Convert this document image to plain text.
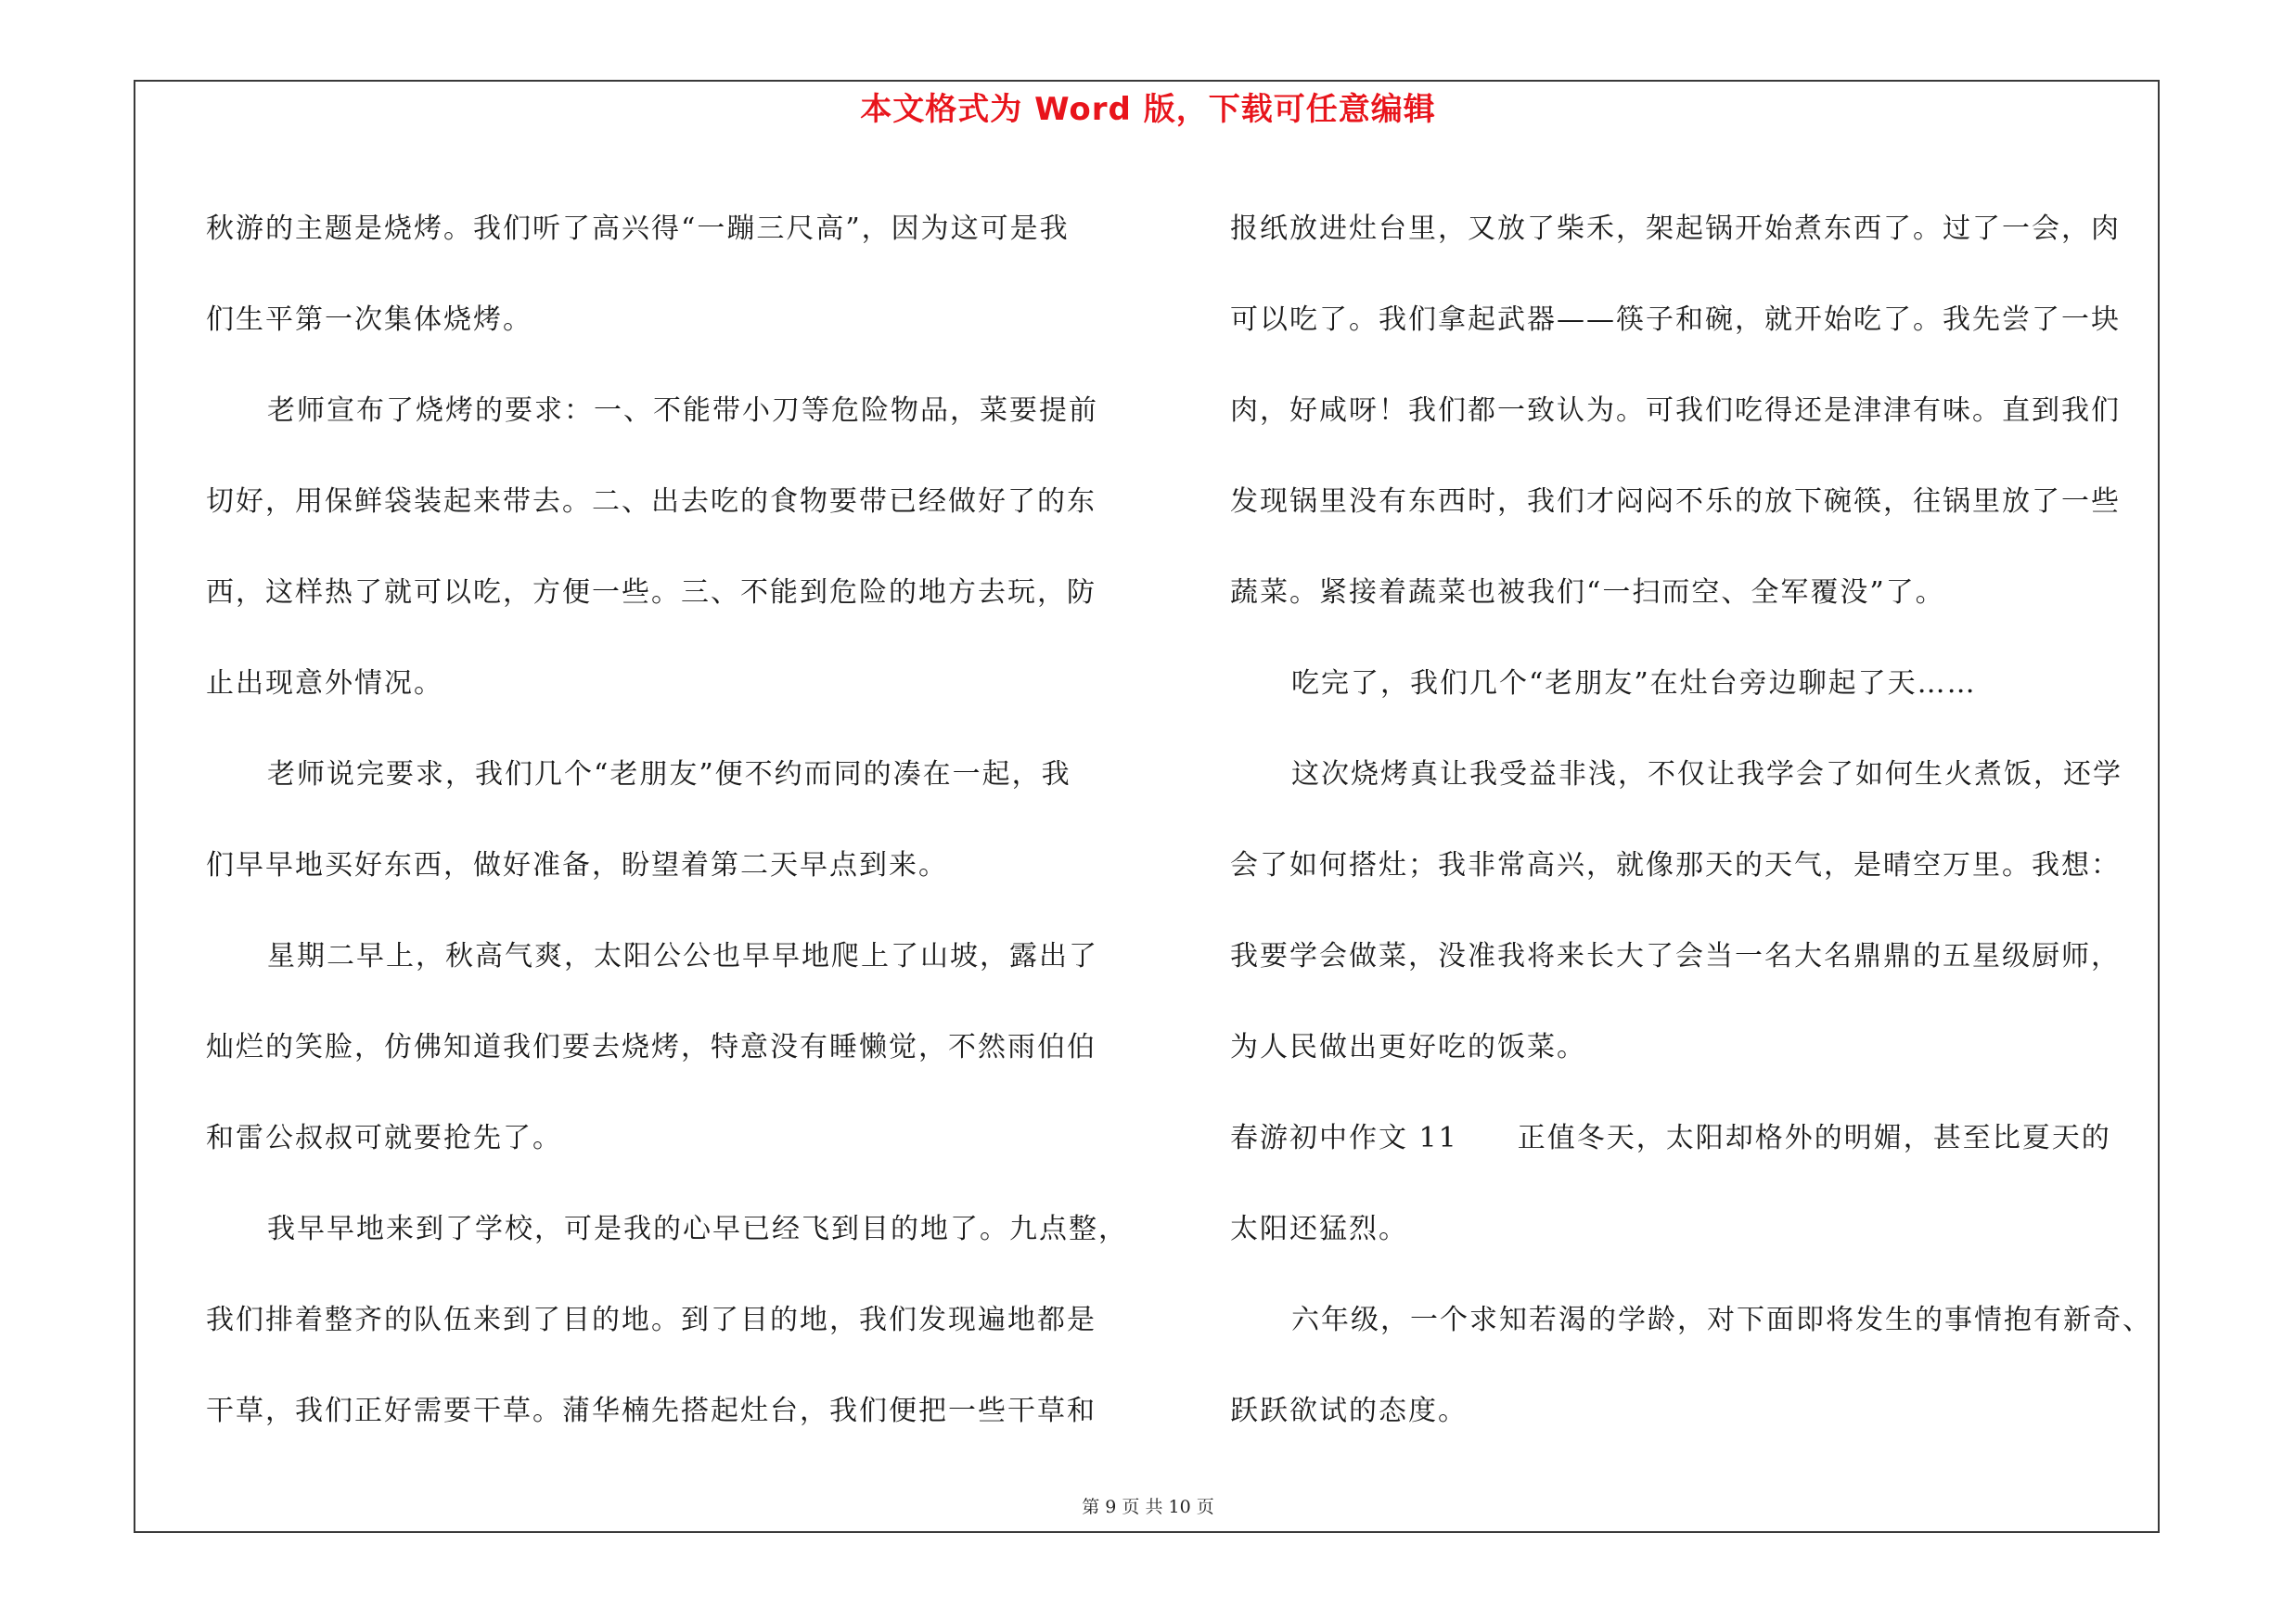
本文格式为 Word 版，下载可任意编辑
秋游的主题是烧烤。我们听了高兴得“一蹦三尺高”，因为这可是我
们生平第一次集体烧烤。
老师宣布了烧烤的要求：一、不能带小刀等危险物品，菜要提前
切好，用保鲜袋装起来带去。二、出去吃的食物要带已经做好了的东
西，这样热了就可以吃，方便一些。三、不能到危险的地方去玩，防
止出现意外情况。
老师说完要求，我们几个“老朋友”便不约而同的凑在一起，我
们早早地买好东西，做好准备，盼望着第二天早点到来。
星期二早上，秋高气爽，太阳公公也早早地爬上了山坡，露出了
灿烂的笑脸，仿佛知道我们要去烧烤，特意没有睡懒觉，不然雨伯伯
和雷公叔叔可就要抢先了。
我早早地来到了学校，可是我的心早已经飞到目的地了。九点整，
我们排着整齐的队伍来到了目的地。到了目的地，我们发现遍地都是
干草，我们正好需要干草。蒲华楠先搭起灶台，我们便把一些干草和
报纸放进灶台里，又放了柴禾，架起锅开始煮东西了。过了一会，肉
可以吃了。我们拿起武器——筷子和碗，就开始吃了。我先尝了一块
肉，好咸呀！我们都一致认为。可我们吃得还是津津有味。直到我们
发现锅里没有东西时，我们才闷闷不乐的放下碗筷，往锅里放了一些
蔬菜。紧接着蔬菜也被我们“一扫而空、全军覆没”了。
吃完了，我们几个“老朋友”在灶台旁边聊起了天……
这次烧烤真让我受益非浅，不仅让我学会了如何生火煮饭，还学
会了如何搭灶；我非常高兴，就像那天的天气，是晴空万里。我想：
我要学会做菜，没准我将来长大了会当一名大名鼎鼎的五星级厨师，
为人民做出更好吃的饭菜。
春游初中作文 11　　正值冬天，太阳却格外的明媚，甚至比夏天的
太阳还猛烈。
六年级，一个求知若渴的学龄，对下面即将发生的事情抱有新奇、
跃跃欲试的态度。
第 9 页 共 10 页
